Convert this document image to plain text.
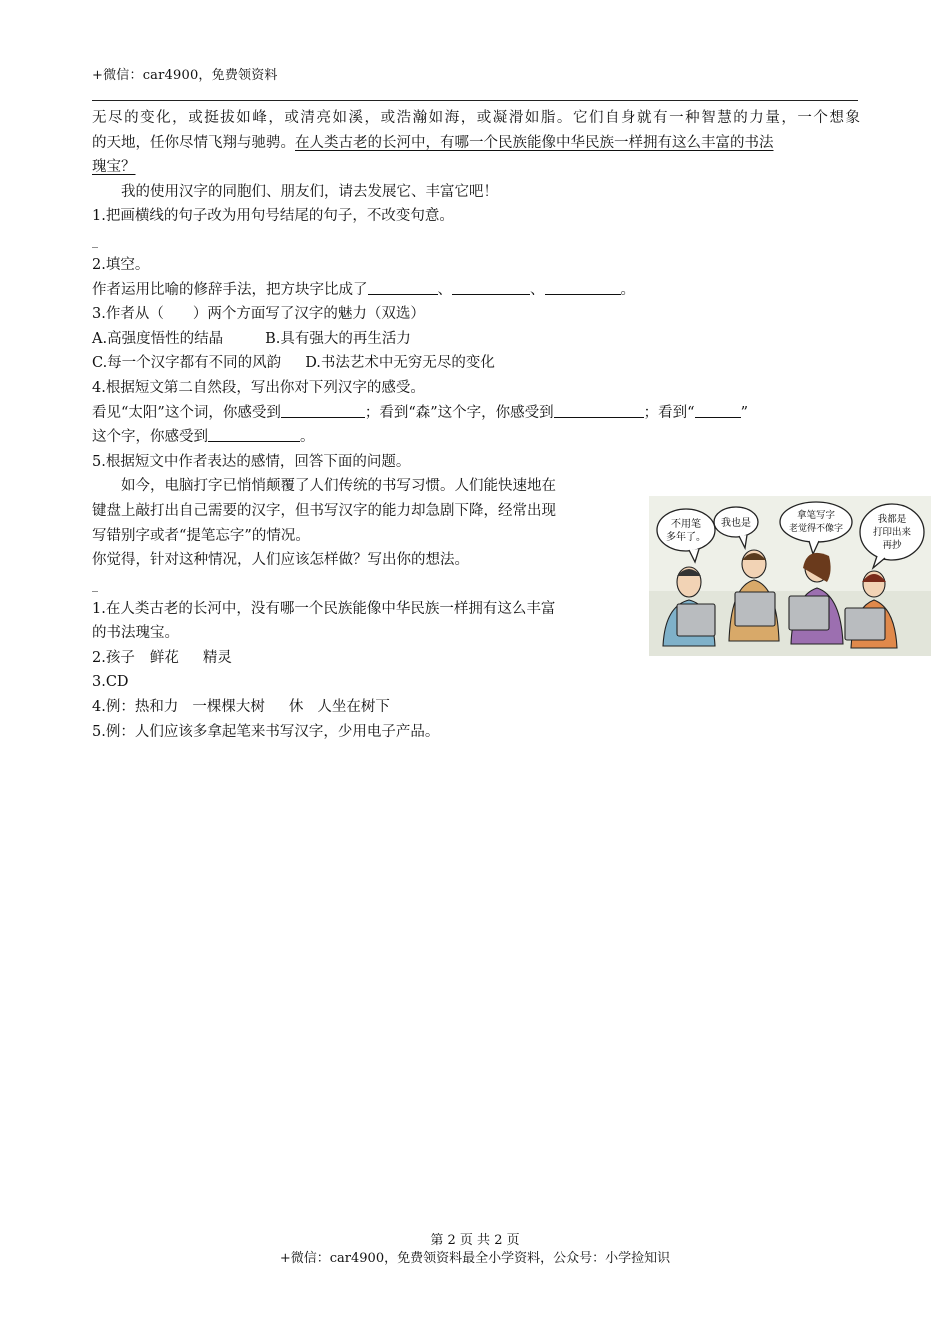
+微信：car4900，免费领资料
无尽的变化，或挺拔如峰，或清亮如溪，或浩瀚如海，或凝滑如脂。它们自身就有一种智慧的力量，一个想象
的天地，任你尽情飞翔与驰骋。在人类古老的长河中，有哪一个民族能像中华民族一样拥有这么丰富的书法
瑰宝？
我的使用汉字的同胞们、朋友们，请去发展它、丰富它吧！
1.把画横线的句子改为用句号结尾的句子，不改变句意。
_
2.填空。
作者运用比喻的修辞手法，把方块字比成了	、	、	。
3.作者从（　　）两个方面写了汉字的魅力（双选）
A.高强度悟性的结晶	B.具有强大的再生活力
C.每一个汉字都有不同的风韵 D.书法艺术中无穷无尽的变化
4.根据短文第二自然段，写出你对下列汉字的感受。
看见“太阳”这个词，你感受到	；看到“森”这个字，你感受到	；看到“	”
这个字，你感受到	。
5.根据短文中作者表达的感情，回答下面的问题。
如今，电脑打字已悄悄颠覆了人们传统的书写习惯。人们能快速地在
键盘上敲打出自己需要的汉字，但书写汉字的能力却急剧下降，经常出现
写错别字或者“提笔忘字”的情况。
你觉得，针对这种情况，人们应该怎样做？写出你的想法。
_
1.在人类古老的长河中，没有哪一个民族能像中华民族一样拥有这么丰富
的书法瑰宝。
2.孩子 鲜花 精灵
3.CD
4.例：热和力 一棵棵大树 休 人坐在树下
5.例：人们应该多拿起笔来书写汉字，少用电子产品。
不用笔
多年了。
我也是
拿笔写字
老觉得不像字
我都是
打印出来
再抄
第 2 页 共 2 页
+微信：car4900，免费领资料最全小学资料，公众号：小学捡知识
